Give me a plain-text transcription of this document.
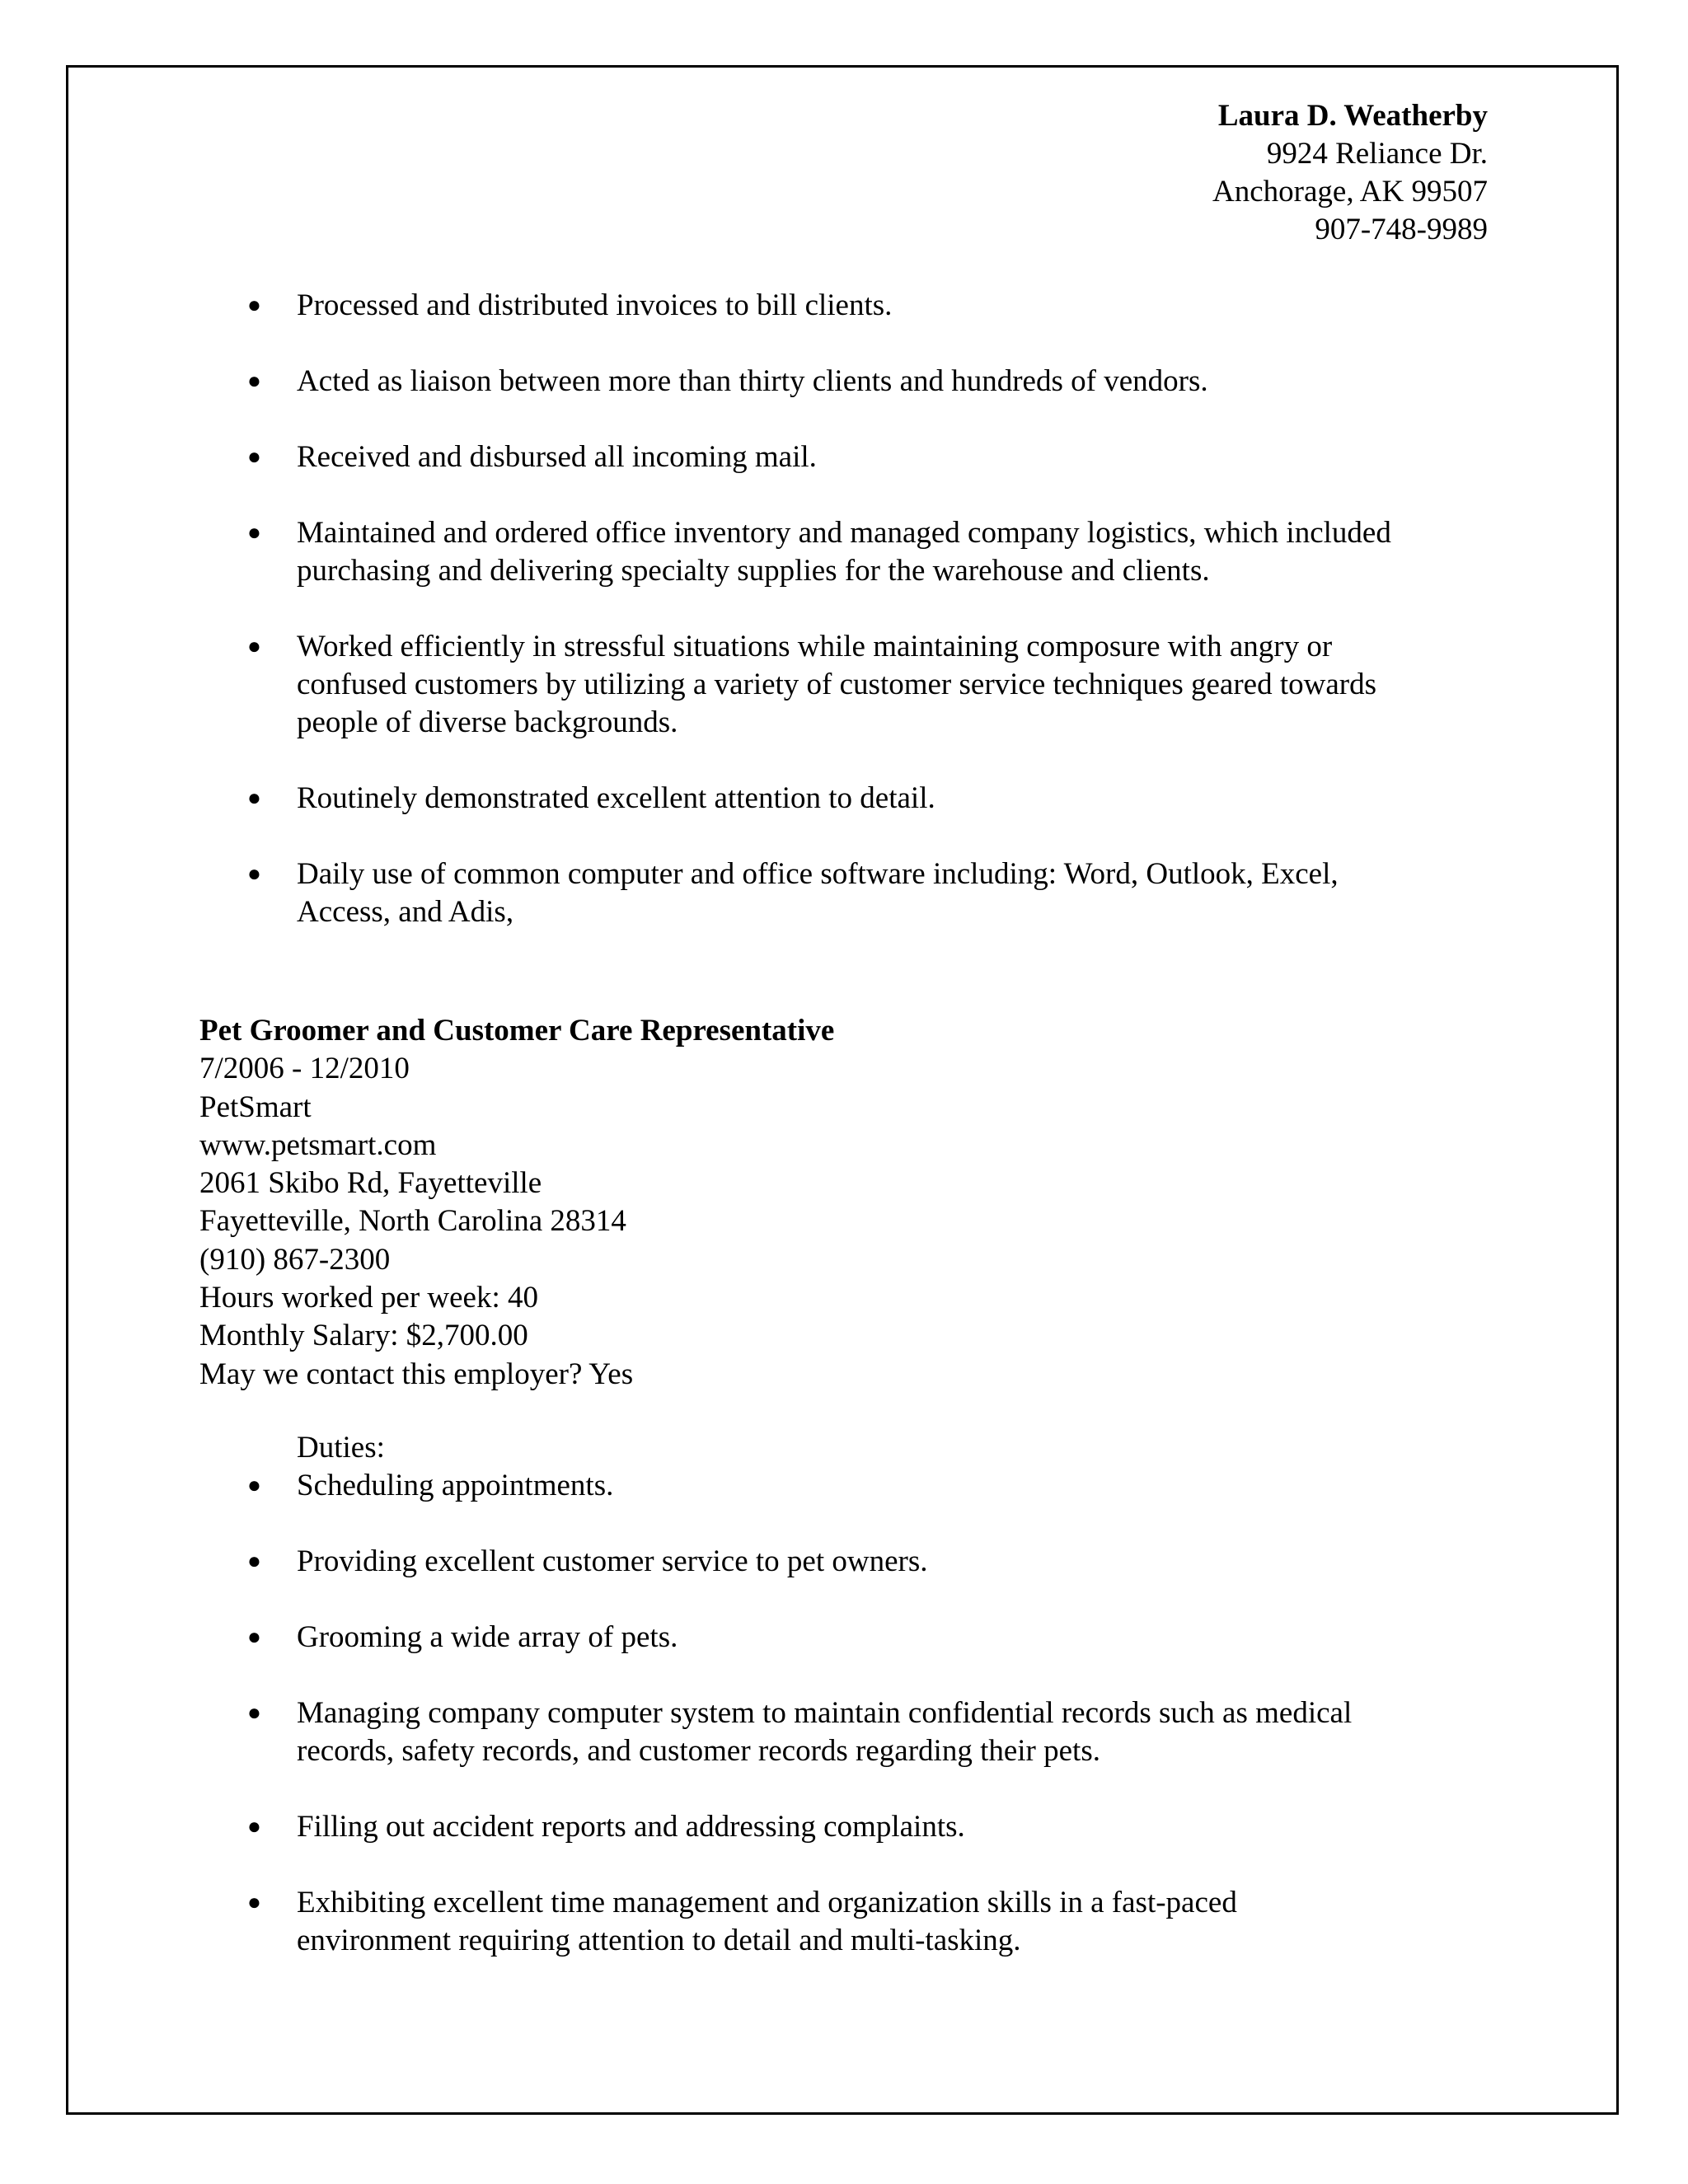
Laura D. Weatherby
9924 Reliance Dr.
Anchorage, AK 99507
907-748-9989
●	Processed and distributed invoices to bill clients.
●	Acted as liaison between more than thirty clients and hundreds of vendors.
●	Received and disbursed all incoming mail.
●	Maintained and ordered office inventory and managed company logistics, which included
purchasing and delivering specialty supplies for the warehouse and clients.
●	Worked efficiently in stressful situations while maintaining composure with angry or
confused customers by utilizing a variety of customer service techniques geared towards
people of diverse backgrounds.
●	Routinely demonstrated excellent attention to detail.
●	Daily use of common computer and office software including: Word, Outlook, Excel,
Access, and Adis,
Pet Groomer and Customer Care Representative
7/2006 - 12/2010
PetSmart
www.petsmart.com
2061 Skibo Rd, Fayetteville
Fayetteville, North Carolina 28314
(910) 867-2300
Hours worked per week: 40
Monthly Salary: $2,700.00
May we contact this employer? Yes
Duties:
●	Scheduling appointments.
●	Providing excellent customer service to pet owners.
●	Grooming a wide array of pets.
●	Managing company computer system to maintain confidential records such as medical
records, safety records, and customer records regarding their pets.
●	Filling out accident reports and addressing complaints.
●	Exhibiting excellent time management and organization skills in a fast-paced
environment requiring attention to detail and multi-tasking.
